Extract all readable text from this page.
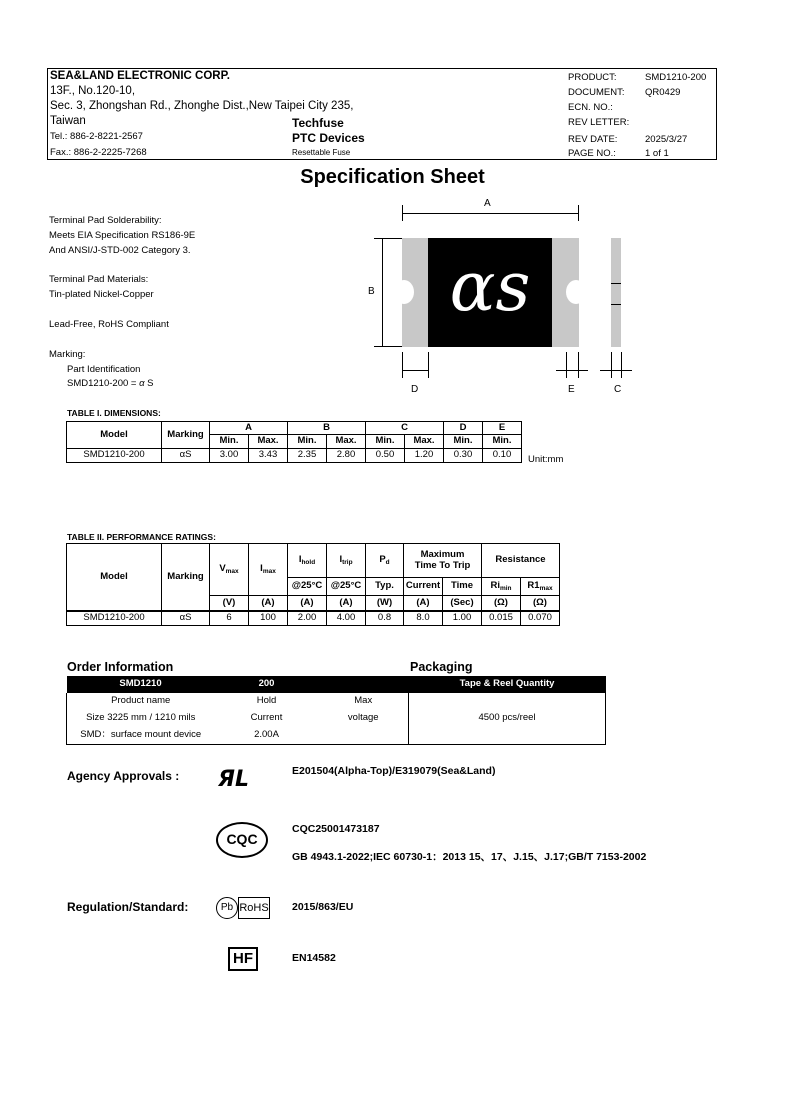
SEA&LAND ELECTRONIC CORP.
13F., No.120-10,
Sec. 3, Zhongshan Rd., Zhonghe Dist.,New Taipei City 235,
Taiwan
Tel.: 886-2-8221-2567
Fax.: 886-2-2225-7268
Techfuse
PTC Devices
Resettable Fuse
PRODUCT:	SMD1210-200
DOCUMENT: QR0429
ECN. NO.:
REV LETTER:
REV DATE:	2025/3/27
PAGE NO.:	1 of 1
Specification Sheet
Terminal Pad Solderability:
Meets EIA Specification RS186-9E
And ANSI/J-STD-002 Category 3.
Terminal Pad Materials:
Tin-plated Nickel-Copper
Lead-Free, RoHS Compliant
Marking:
Part Identification
SMD1210-200 = α S
αs
A
B
D	E	C
TABLE I. DIMENSIONS:
Model	Marking	A		B		C		D	E
		Min.	Max.	Min.	Max.	Min.	Max.	Min.	Min.
SMD1210-200	αS	3.00	3.43	2.35	2.80	0.50	1.20	0.30	0.10 Unit:mm
TABLE II. PERFORMANCE RATINGS:
Model	Marking	$V_{max}$	$I_{max}$	$I_{hold}$	$I_{trip}$	$P_d$	Maximum
Time To Trip		Resistance	
				@25°C	@25°C	Typ.	Current	Time	$Ri_{min}$	$R1_{max}$
		(V)	(A)	(A)	(A)	(W)	(A)	(Sec)	(Ω)	(Ω)
SMD1210-200	αS	6	100	2.00	4.00	0.8	8.0	1.00	0.015	0.070
Order Information	Packaging
SMD1210	200		Tape & Reel Quantity
Product name	Hold	Max	4500 pcs/reel
Size 3225 mm / 1210 mils	Current	voltage	
SMD：surface mount device	2.00A		
Agency Approvals : ЯL	E201504(Alpha-Top)/E319079(Sea&Land)
CQC
CQC25001473187
GB 4943.1-2022;IEC 60730-1：2013 15、17、J.15、J.17;GB/T 7153-2002
Regulation/Standard:	Pb RoHS 2015/863/EU
HF	EN14582
